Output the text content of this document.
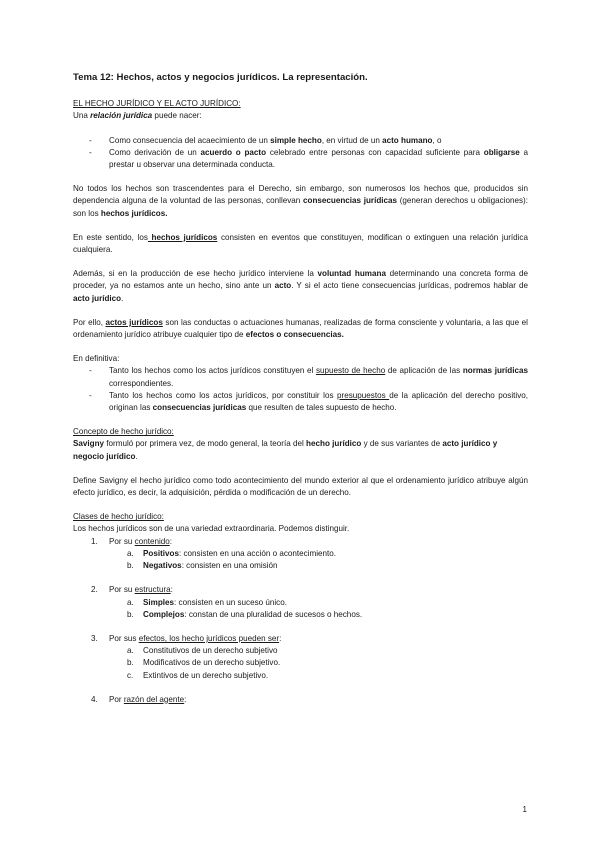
Tema 12: Hechos, actos y negocios jurídicos. La representación.

EL HECHO JURÍDICO Y EL ACTO JURÍDICO:

Una relación jurídica puede nacer:

- Como consecuencia del acaecimiento de un simple hecho, en virtud de un acto humano, o
- Como derivación de un acuerdo o pacto celebrado entre personas con capacidad suficiente para obligarse a prestar u observar una determinada conducta.

No todos los hechos son trascendentes para el Derecho, sin embargo, son numerosos los hechos que, producidos sin dependencia alguna de la voluntad de las personas, conllevan consecuencias jurídicas (generan derechos u obligaciones): son los hechos jurídicos.

En este sentido, los hechos jurídicos consisten en eventos que constituyen, modifican o extinguen una relación jurídica cualquiera.

Además, si en la producción de ese hecho jurídico interviene la voluntad humana determinando una concreta forma de proceder, ya no estamos ante un hecho, sino ante un acto. Y si el acto tiene consecuencias jurídicas, podremos hablar de acto jurídico.

Por ello, actos jurídicos son las conductas o actuaciones humanas, realizadas de forma consciente y voluntaria, a las que el ordenamiento jurídico atribuye cualquier tipo de efectos o consecuencias.

En definitiva:

- Tanto los hechos como los actos jurídicos constituyen el supuesto de hecho de aplicación de las normas jurídicas correspondientes.
- Tanto los hechos como los actos jurídicos, por constituir los presupuestos de la aplicación del derecho positivo, originan las consecuencias jurídicas que resulten de tales supuesto de hecho.

Concepto de hecho jurídico:

Savigny formuló por primera vez, de modo general, la teoría del hecho jurídico y de sus variantes de acto jurídico y negocio jurídico.

Define Savigny el hecho jurídico como todo acontecimiento del mundo exterior al que el ordenamiento jurídico atribuye algún efecto jurídico, es decir, la adquisición, pérdida o modificación de un derecho.

Clases de hecho jurídico:

Los hechos jurídicos son de una variedad extraordinaria. Podemos distinguir.

1. Por su contenido:
a. Positivos: consisten en una acción o acontecimiento.
b. Negativos: consisten en una omisión
2. Por su estructura:
a. Simples: consisten en un suceso único.
b. Complejos: constan de una pluralidad de sucesos o hechos.
3. Por sus efectos, los hecho jurídicos pueden ser:
a. Constitutivos de un derecho subjetivo
b. Modificativos de un derecho subjetivo.
c. Extintivos de un derecho subjetivo.
4. Por razón del agente:
1
